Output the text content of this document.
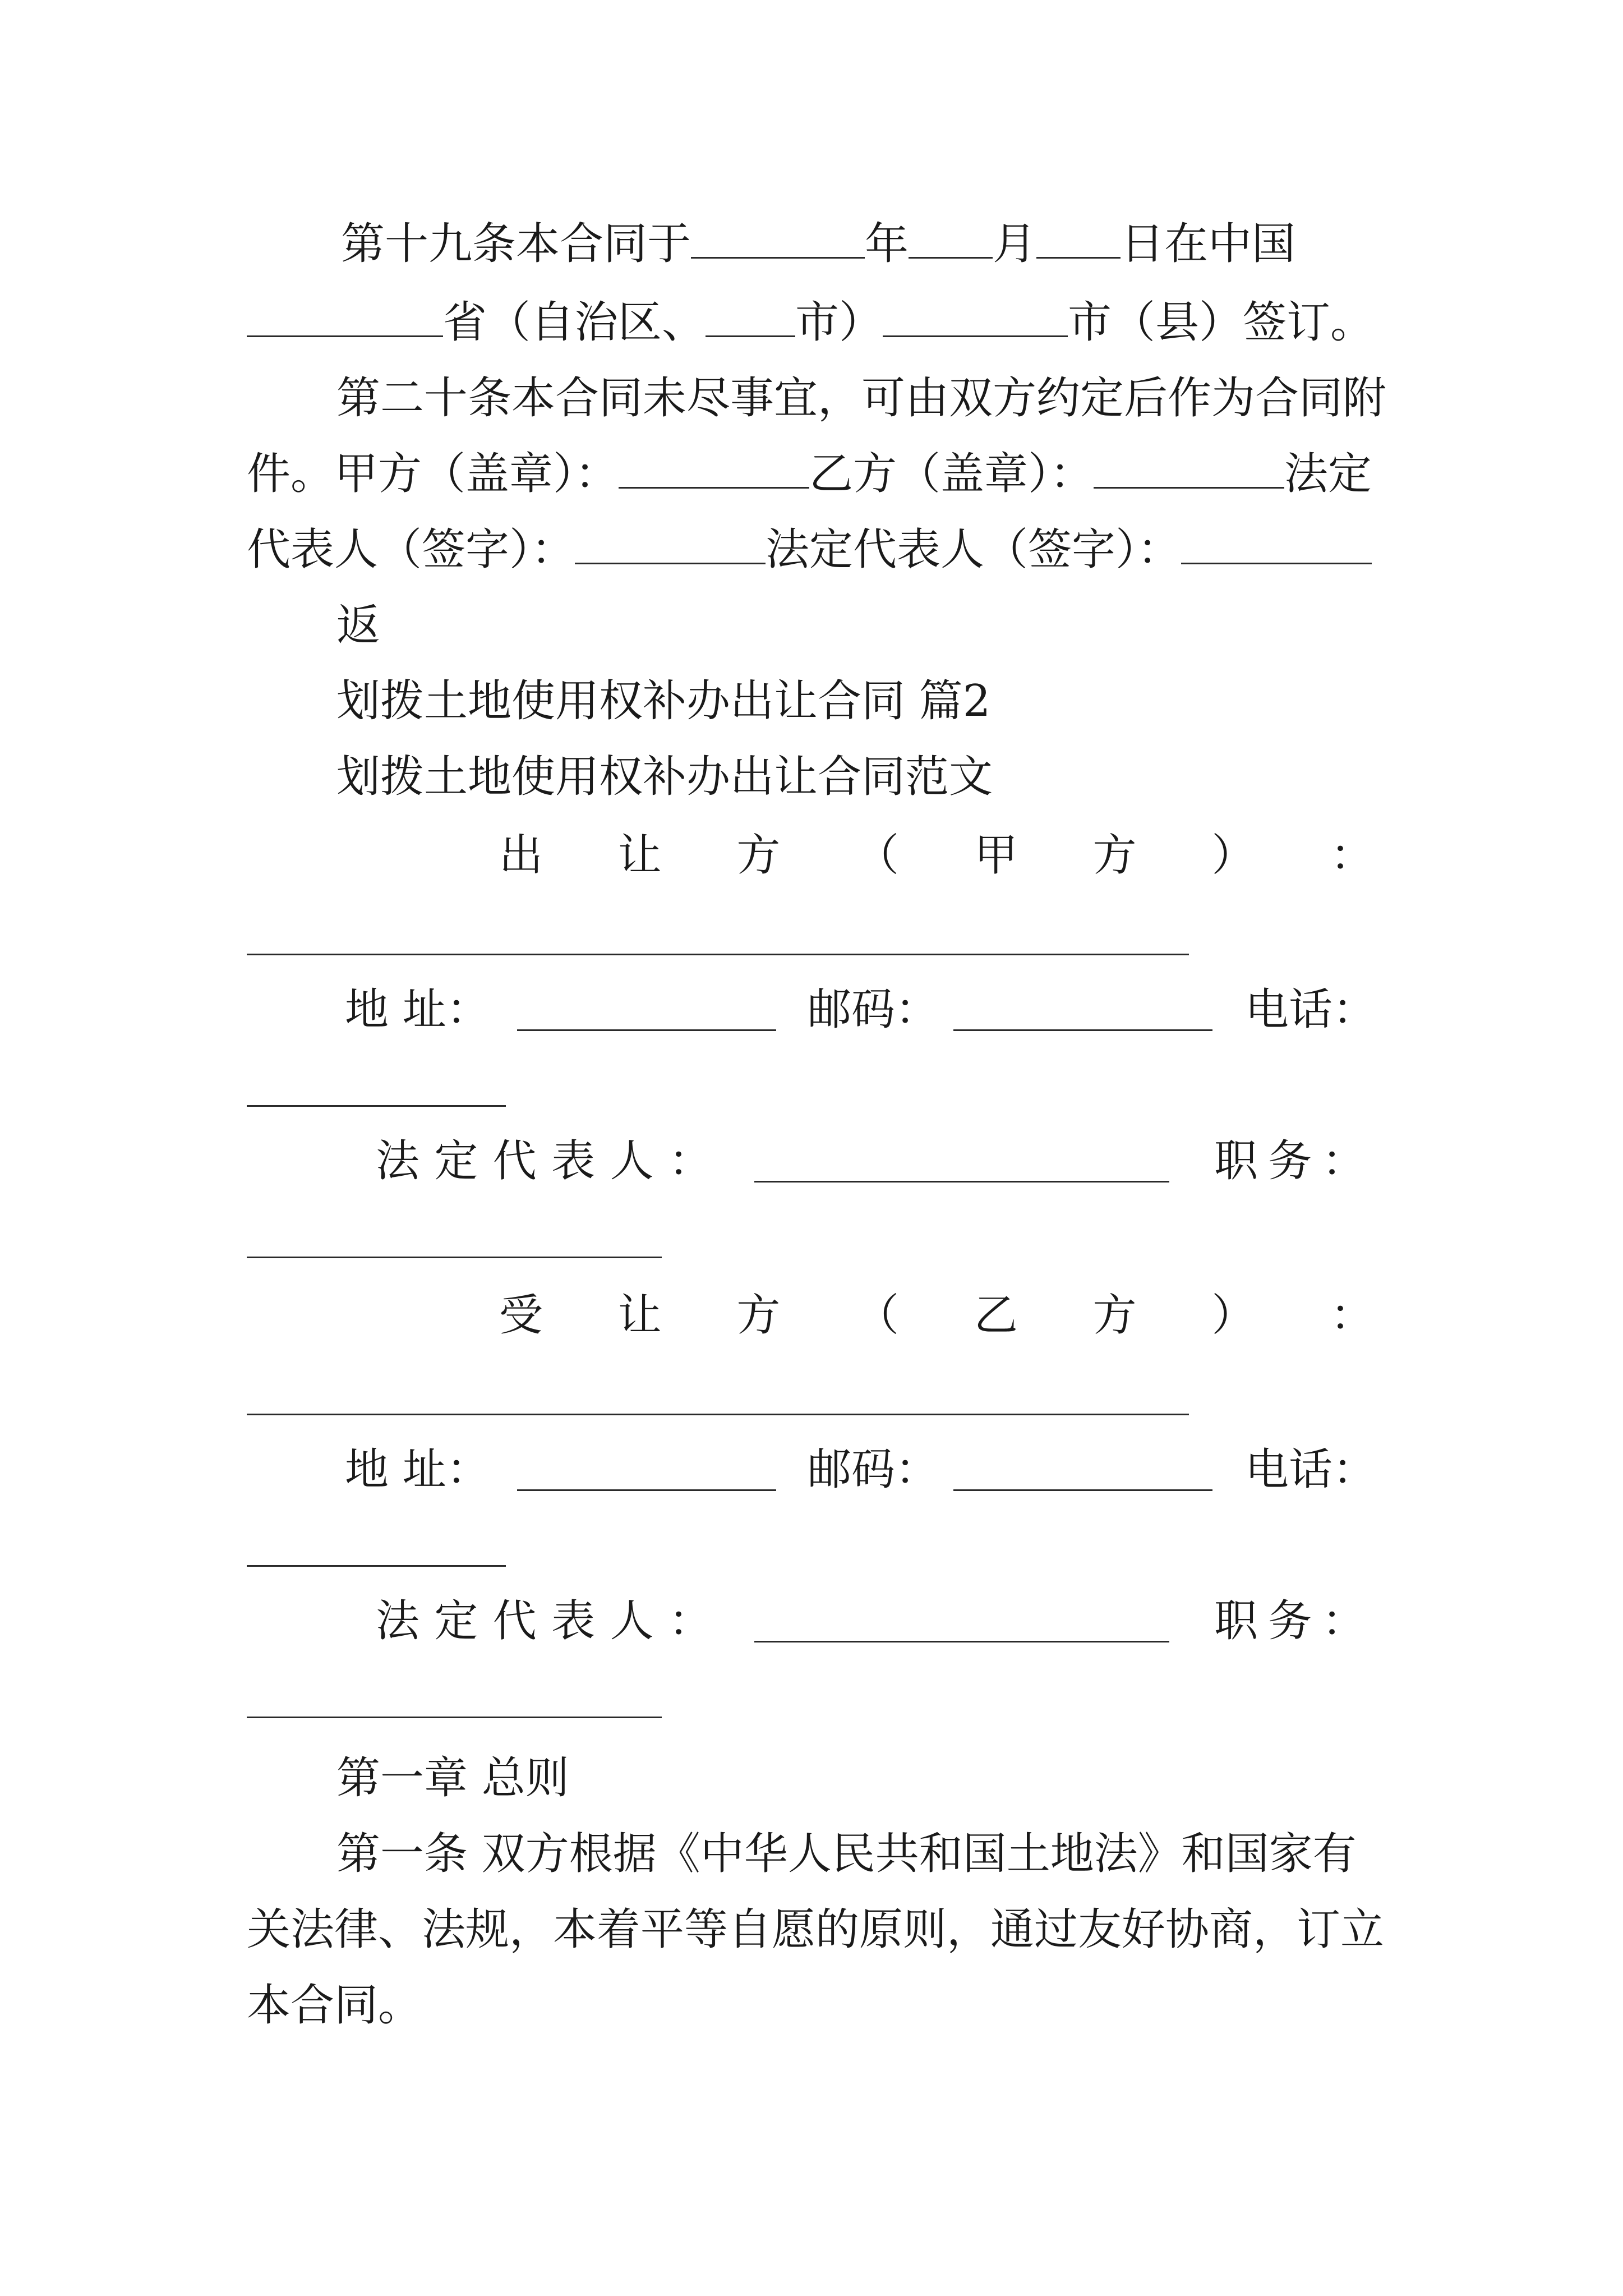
第十九条本合同于	年 月 日在中国
省（自治区、 市）	市（县）签订。
第二十条本合同未尽事宜，可由双方约定后作为合同附
件。甲方（盖章）：	乙方（盖章）：	法定
代表人（签字）：	法定代表人（签字）：
返
划拨土地使用权补办出让合同 篇2
划拨土地使用权补办出让合同范文
出 让 方 （ 甲 方 ） ：
地 址：	邮码：	电话：
法 定 代 表 人 ：	职 务 ：
受 让 方 （ 乙 方 ） ：
地 址：	邮码：	电话：
法 定 代 表 人 ：	职 务 ：
第一章 总则
第一条 双方根据《中华人民共和国土地法》和国家有
关法律、法规，本着平等自愿的原则，通过友好协商，订立
本合同。
